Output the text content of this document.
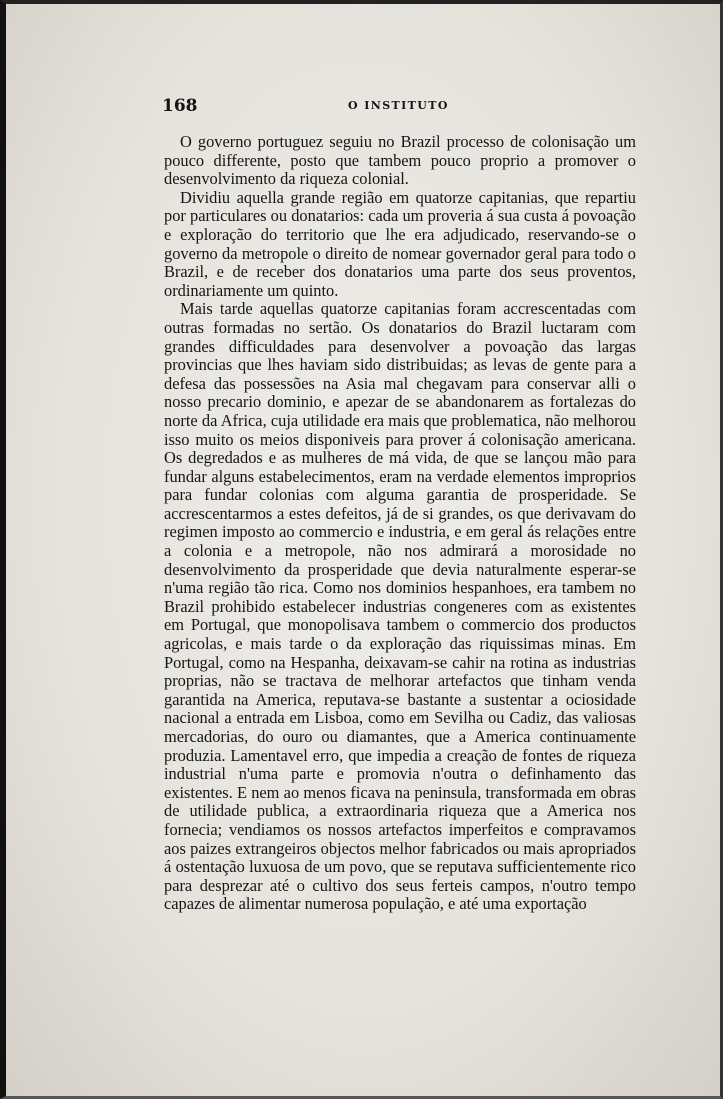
168	O INSTITUTO

O governo portuguez seguiu no Brazil processo de colonisação um pouco differente, posto que tambem pouco proprio a promover o desenvolvimento da riqueza colonial.

Dividiu aquella grande região em quatorze capitanias, que repartiu por particulares ou donatarios: cada um proveria á sua custa á povoação e exploração do territorio que lhe era adjudicado, reservando-se o governo da metropole o direito de nomear governador geral para todo o Brazil, e de receber dos donatarios uma parte dos seus proventos, ordinariamente um quinto.

Mais tarde aquellas quatorze capitanias foram accrescentadas com outras formadas no sertão. Os donatarios do Brazil luctaram com grandes difficuldades para desenvolver a povoação das largas provincias que lhes haviam sido distribuidas; as levas de gente para a defesa das possessões na Asia mal chegavam para conservar alli o nosso precario dominio, e apezar de se abandonarem as fortalezas do norte da Africa, cuja utilidade era mais que problematica, não melhorou isso muito os meios disponiveis para prover á colonisação americana. Os degredados e as mulheres de má vida, de que se lançou mão para fundar alguns estabelecimentos, eram na verdade elementos improprios para fundar colonias com alguma garantia de prosperidade. Se accrescentarmos a estes defeitos, já de si grandes, os que derivavam do regimen imposto ao commercio e industria, e em geral ás relações entre a colonia e a metropole, não nos admirará a morosidade no desenvolvimento da prosperidade que devia naturalmente esperar-se n'uma região tão rica. Como nos dominios hespanhoes, era tambem no Brazil prohibido estabelecer industrias congeneres com as existentes em Portugal, que monopolisava tambem o commercio dos productos agricolas, e mais tarde o da exploração das riquissimas minas. Em Portugal, como na Hespanha, deixavam-se cahir na rotina as industrias proprias, não se tractava de melhorar artefactos que tinham venda garantida na America, reputava-se bastante a sustentar a ociosidade nacional a entrada em Lisboa, como em Sevilha ou Cadiz, das valiosas mercadorias, do ouro ou diamantes, que a America continuamente produzia. Lamentavel erro, que impedia a creação de fontes de riqueza industrial n'uma parte e promovia n'outra o definhamento das existentes. E nem ao menos ficava na peninsula, transformada em obras de utilidade publica, a extraordinaria riqueza que a America nos fornecia; vendiamos os nossos artefactos imperfeitos e compravamos aos paizes extrangeiros objectos melhor fabricados ou mais apropriados á ostentação luxuosa de um povo, que se reputava sufficientemente rico para desprezar até o cultivo dos seus ferteis campos, n'outro tempo capazes de alimentar numerosa população, e até uma exportação
